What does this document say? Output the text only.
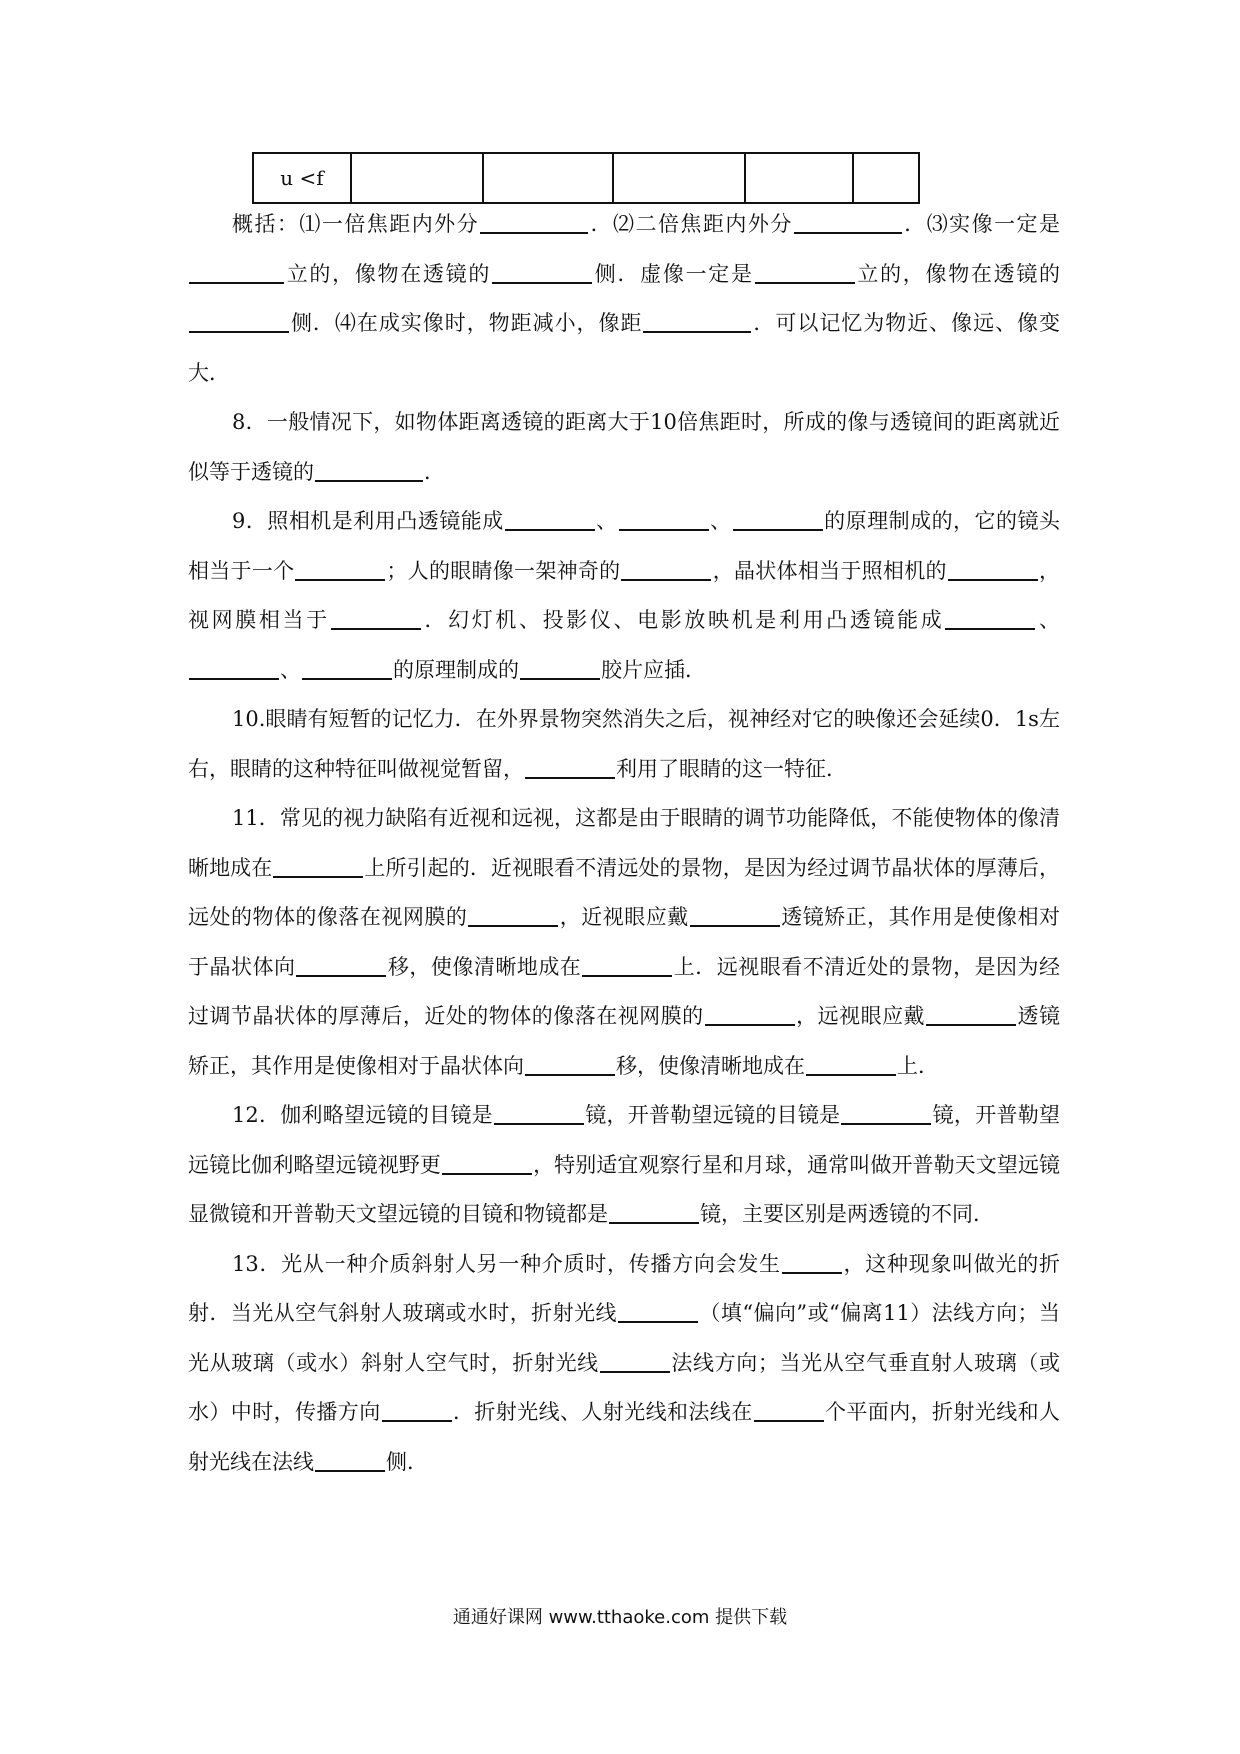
u <f					

概括：⑴一倍焦距内外分	．⑵二倍焦距内外分	．⑶实像一定是立的，像物在透镜的	侧．虚像一定是	立的，像物在透镜的侧．⑷在成实像时，物距减小，像距	．可以记忆为物近、像远、像变大．

8．一般情况下，如物体距离透镜的距离大于10倍焦距时，所成的像与透镜间的距离就近似等于透镜的	．

9．照相机是利用凸透镜能成	、	、	的原理制成的，它的镜头相当于一个	；人的眼睛像一架神奇的	，晶状体相当于照相机的	，视网膜相当于	．幻灯机、投影仪、电影放映机是利用凸透镜能成	、、	的原理制成的	胶片应插．

10.眼睛有短暂的记忆力．在外界景物突然消失之后，视神经对它的映像还会延续0．1s左右，眼睛的这种特征叫做视觉暂留，	利用了眼睛的这一特征．

11．常见的视力缺陷有近视和远视，这都是由于眼睛的调节功能降低，不能使物体的像清晰地成在	上所引起的．近视眼看不清远处的景物，是因为经过调节晶状体的厚薄后，远处的物体的像落在视网膜的	，近视眼应戴	透镜矫正，其作用是使像相对于晶状体向	移，使像清晰地成在	上．远视眼看不清近处的景物，是因为经过调节晶状体的厚薄后，近处的物体的像落在视网膜的	，远视眼应戴	透镜矫正，其作用是使像相对于晶状体向	移，使像清晰地成在	上．

12．伽利略望远镜的目镜是	镜，开普勒望远镜的目镜是	镜，开普勒望远镜比伽利略望远镜视野更	，特别适宜观察行星和月球，通常叫做开普勒天文望远镜显微镜和开普勒天文望远镜的目镜和物镜都是	镜，主要区别是两透镜的不同．

13．光从一种介质斜射人另一种介质时，传播方向会发生	，这种现象叫做光的折射．当光从空气斜射人玻璃或水时，折射光线	（填“偏向”或“偏离11）法线方向；当光从玻璃（或水）斜射人空气时，折射光线	法线方向；当光从空气垂直射人玻璃（或水）中时，传播方向	．折射光线、人射光线和法线在	个平面内，折射光线和人射光线在法线	侧．

通通好课网 www.tthaoke.com 提供下载
